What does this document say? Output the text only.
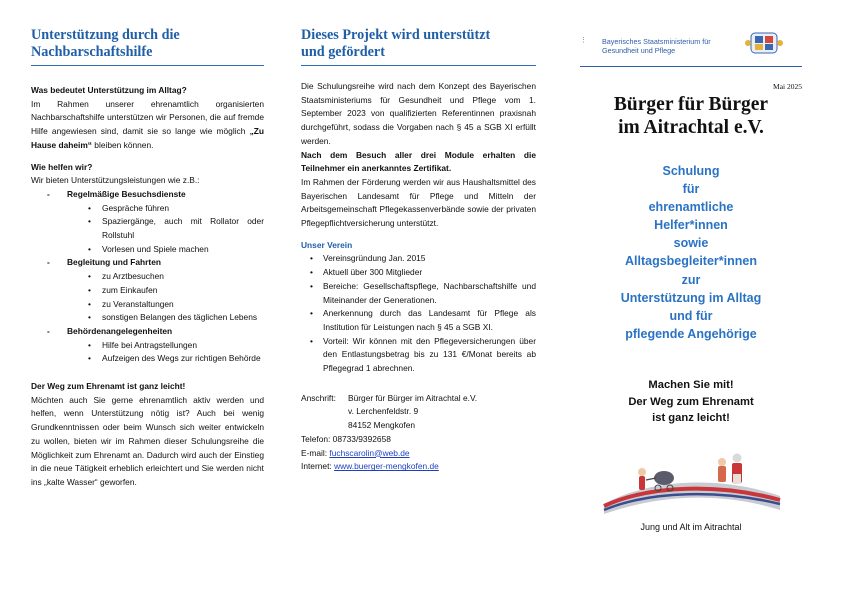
Unterstützung durch die
Nachbarschaftshilfe
Was bedeutet Unterstützung im Alltag?
Im Rahmen unserer ehrenamtlich organisierten Nachbarschaftshilfe unterstützen wir Personen, die auf fremde Hilfe angewiesen sind, damit sie so lange wie möglich „Zu Hause daheim“ bleiben können.
Wie helfen wir?
Wir bieten Unterstützungsleistungen wie z.B.:
- Regelmäßige Besuchsdienste
• Gespräche führen
• Spaziergänge, auch mit Rollator oder Rollstuhl
• Vorlesen und Spiele machen
- Begleitung und Fahrten
• zu Arztbesuchen
• zum Einkaufen
• zu Veranstaltungen
• sonstigen Belangen des täglichen Lebens
- Behördenangelegenheiten
• Hilfe bei Antragstellungen
• Aufzeigen des Wegs zur richtigen Behörde
Der Weg zum Ehrenamt ist ganz leicht!
Möchten auch Sie gerne ehrenamtlich aktiv werden und helfen, wenn Unterstützung nötig ist? Auch bei wenig Grundkenntnissen oder beim Wunsch sich weiter entwickeln zu wollen, bieten wir im Rahmen dieser Schulungsreihe die Möglichkeit zum Ehrenamt an. Dadurch wird auch der Einstieg in die neue Tätigkeit erheblich erleichtert und Sie werden nicht ins „kalte Wasser“ geworfen.
Dieses Projekt wird unterstützt
und gefördert
Die Schulungsreihe wird nach dem Konzept des Bayerischen Staatsministeriums für Gesundheit und Pflege vom 1. September 2023 von qualifizierten Referentinnen praxisnah durchgeführt, sodass die Vorgaben nach § 45 a SGB XI erfüllt werden.
Nach dem Besuch aller drei Module erhalten die Teilnehmer ein anerkanntes Zertifikat.
Im Rahmen der Förderung werden wir aus Haushaltsmittel des Bayerischen Landesamt für Pflege und Mitteln der Arbeitsgemeinschaft Pflegekassenverbände sowie der privaten Pflegepflichtversicherung unterstützt.
Unser Verein
• Vereinsgründung Jan. 2015
• Aktuell über 300 Mitglieder
• Bereiche: Gesellschaftspflege, Nachbarschaftshilfe und Miteinander der Generationen.
• Anerkennung durch das Landesamt für Pflege als Institution für Leistungen nach § 45 a SGB XI.
• Vorteil: Wir können mit den Pflegeversicherungen über den Entlastungsbetrag bis zu 131 €/Monat bereits ab Pflegegrad 1 abrechnen.
Anschrift:	Bürger für Bürger im Aitrachtal e.V.
v. Lerchenfeldstr. 9
84152 Mengkofen
Telefon: 08733/9392658
E-mail: fuchscarolin@web.de
Internet: www.buerger-mengkofen.de
⋮ Bayerisches Staatsministerium für
Gesundheit und Pflege
Mai 2025
Bürger für Bürger
im Aitrachtal e.V.
Schulung
für
ehrenamtliche
Helfer*innen
sowie
Alltagsbegleiter*innen
zur
Unterstützung im Alltag
und für
pflegende Angehörige
Machen Sie mit!
Der Weg zum Ehrenamt
ist ganz leicht!
Jung und Alt im Aitrachtal
